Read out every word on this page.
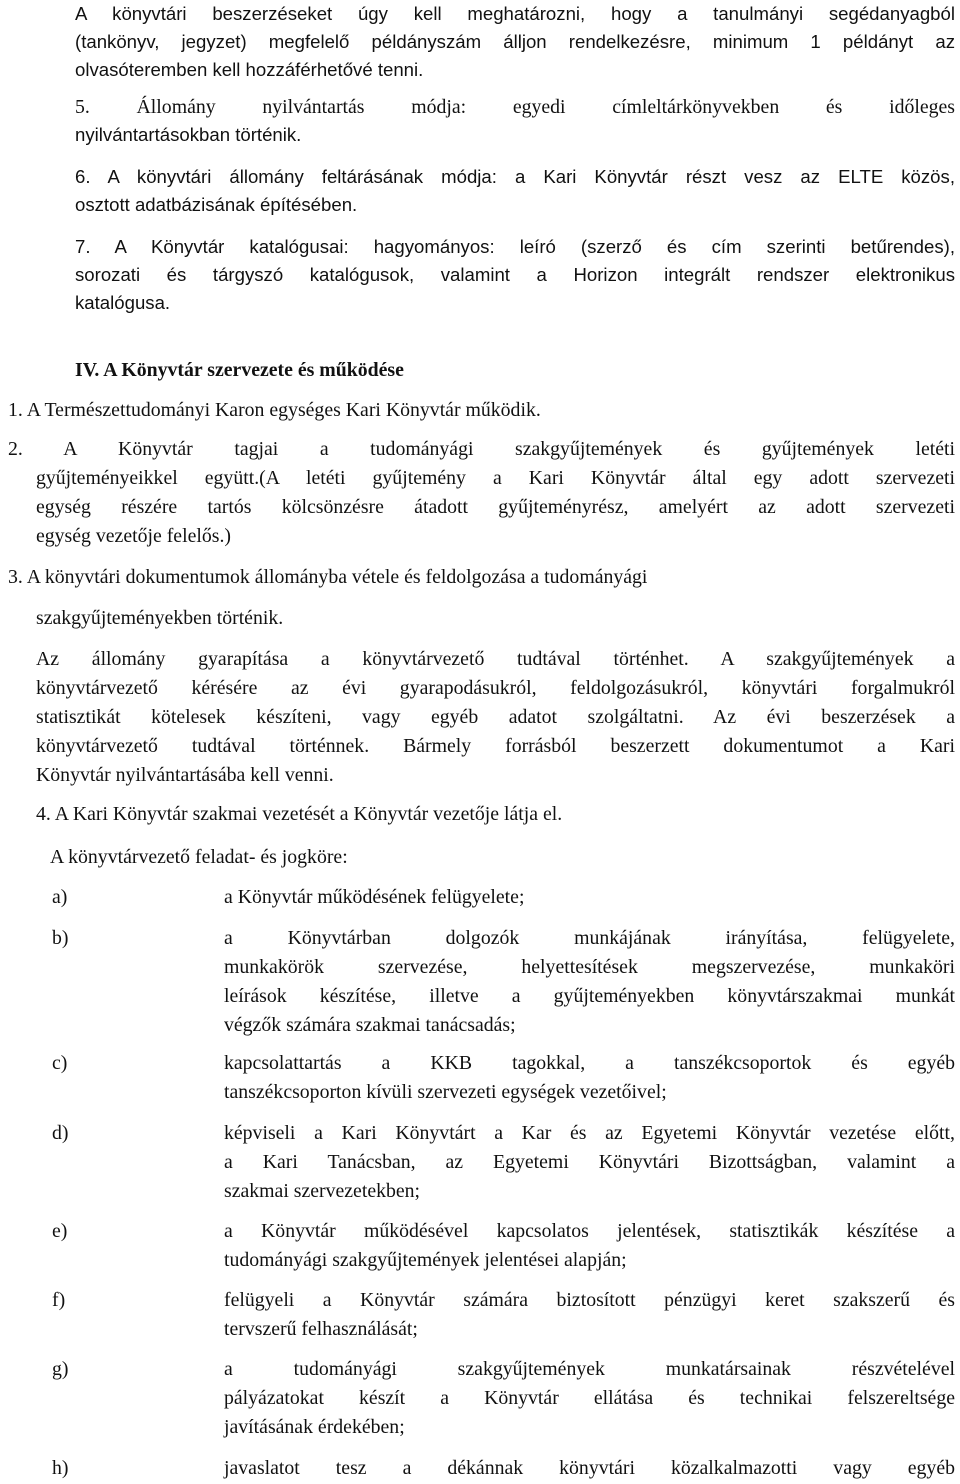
A könyvtári beszerzéseket úgy kell meghatározni, hogy a tanulmányi segédanyagból
(tankönyv, jegyzet) megfelelő példányszám álljon rendelkezésre, minimum 1 példányt az
olvasóteremben kell hozzáférhetővé tenni.
5. Állomány nyilvántartás módja: egyedi címleltárkönyvekben és időleges
nyilvántartásokban történik.
6. A könyvtári állomány feltárásának módja: a Kari Könyvtár részt vesz az ELTE közös,
osztott adatbázisának építésében.
7. A Könyvtár katalógusai: hagyományos: leíró (szerző és cím szerinti betűrendes),
sorozati és tárgyszó katalógusok, valamint a Horizon integrált rendszer elektronikus
katalógusa.
IV. A Könyvtár szervezete és működése
1. A Természettudományi Karon egységes Kari Könyvtár működik.
2. A Könyvtár tagjai a tudományági szakgyűjtemények és gyűjtemények letéti
gyűjteményeikkel együtt.(A letéti gyűjtemény a Kari Könyvtár által egy adott szervezeti
egység részére tartós kölcsönzésre átadott gyűjteményrész, amelyért az adott szervezeti
egység vezetője felelős.)
3. A könyvtári dokumentumok állományba vétele és feldolgozása a tudományági
szakgyűjteményekben történik.
Az állomány gyarapítása a könyvtárvezető tudtával történhet. A szakgyűjtemények a
könyvtárvezető kérésére az évi gyarapodásukról, feldolgozásukról, könyvtári forgalmukról
statisztikát kötelesek készíteni, vagy egyéb adatot szolgáltatni. Az évi beszerzések a
könyvtárvezető tudtával történnek. Bármely forrásból beszerzett dokumentumot a Kari
Könyvtár nyilvántartásába kell venni.
4. A Kari Könyvtár szakmai vezetését a Könyvtár vezetője látja el.
A könyvtárvezető feladat- és jogköre:
a Könyvtár működésének felügyelete;
a Könyvtárban dolgozók munkájának irányítása, felügyelete,
munkakörök szervezése, helyettesítések megszervezése, munkaköri
leírások készítése, illetve a gyűjteményekben könyvtárszakmai munkát
végzők számára szakmai tanácsadás;
kapcsolattartás a KKB tagokkal, a tanszékcsoportok és egyéb
tanszékcsoporton kívüli szervezeti egységek vezetőivel;
képviseli a Kari Könyvtárt a Kar és az Egyetemi Könyvtár vezetése előtt,
a Kari Tanácsban, az Egyetemi Könyvtári Bizottságban, valamint a
szakmai szervezetekben;
a Könyvtár működésével kapcsolatos jelentések, statisztikák készítése a
tudományági szakgyűjtemények jelentései alapján;
felügyeli a Könyvtár számára biztosított pénzügyi keret szakszerű és
tervszerű felhasználását;
a tudományági szakgyűjtemények munkatársainak részvételével
pályázatokat készít a Könyvtár ellátása és technikai felszereltsége
javításának érdekében;
javaslatot tesz a dékánnak könyvtári közalkalmazotti vagy egyéb
a)
b)
c)
d)
e)
f)
g)
h)
